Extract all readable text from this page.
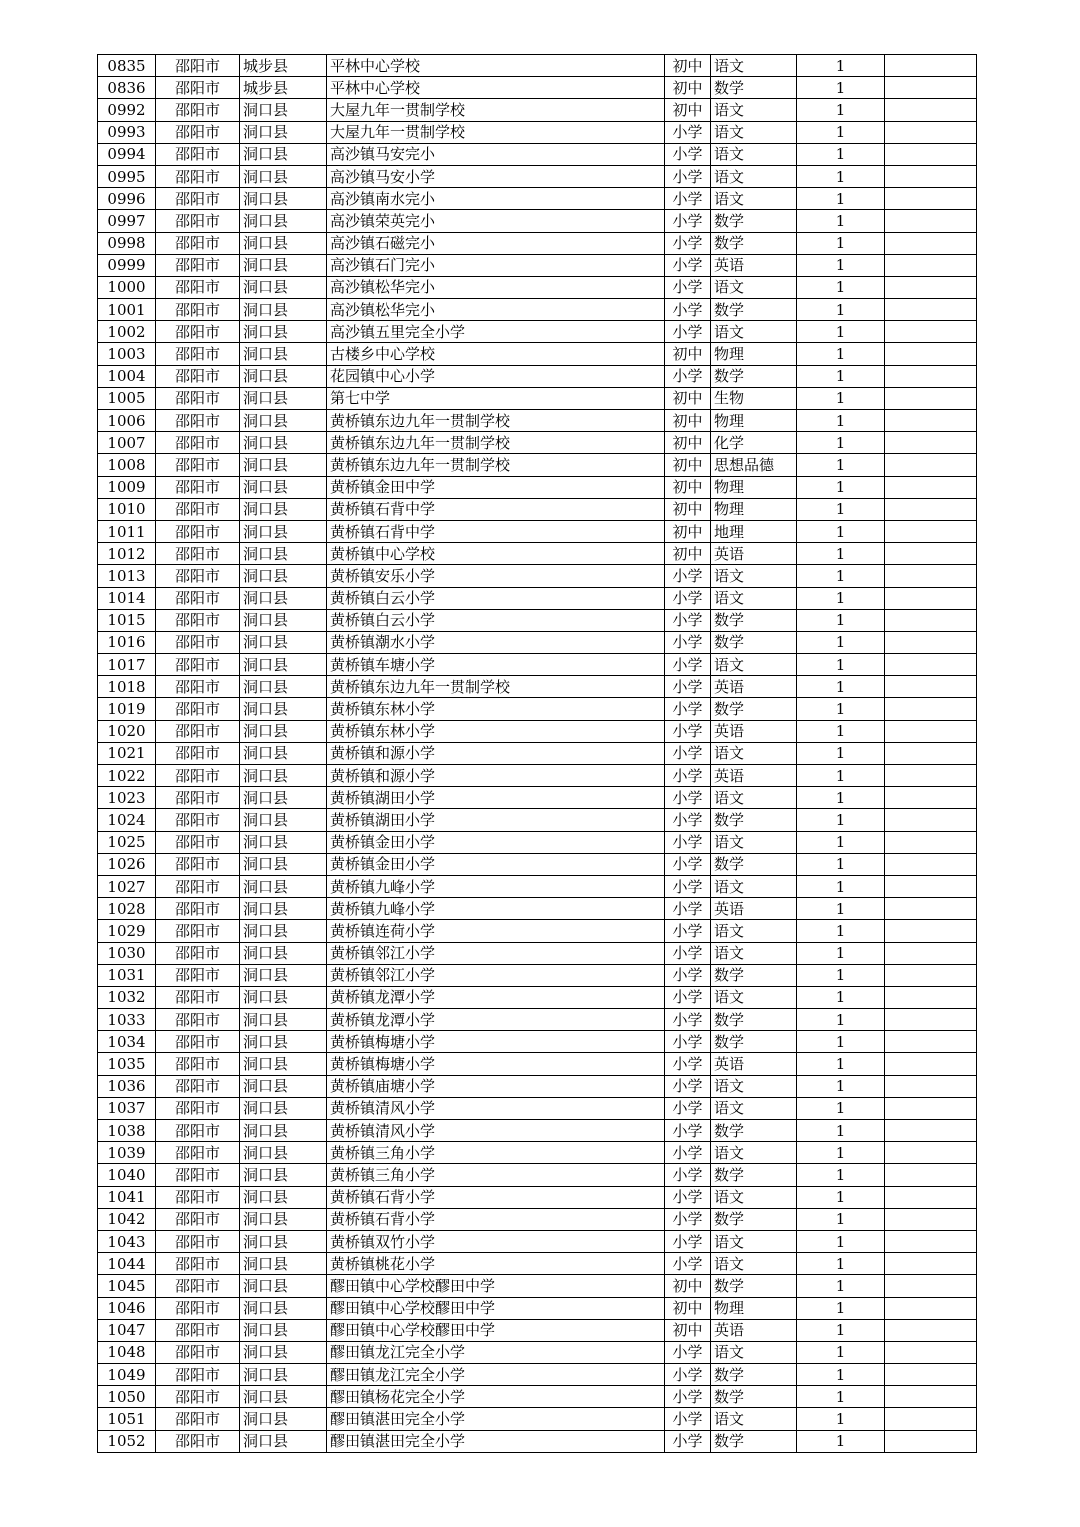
0835	邵阳市	城步县	平林中心学校	初中	语文	1	
0836	邵阳市	城步县	平林中心学校	初中	数学	1	
0992	邵阳市	洞口县	大屋九年一贯制学校	初中	语文	1	
0993	邵阳市	洞口县	大屋九年一贯制学校	小学	语文	1	
0994	邵阳市	洞口县	高沙镇马安完小	小学	语文	1	
0995	邵阳市	洞口县	高沙镇马安小学	小学	语文	1	
0996	邵阳市	洞口县	高沙镇南水完小	小学	语文	1	
0997	邵阳市	洞口县	高沙镇荣英完小	小学	数学	1	
0998	邵阳市	洞口县	高沙镇石磁完小	小学	数学	1	
0999	邵阳市	洞口县	高沙镇石门完小	小学	英语	1	
1000	邵阳市	洞口县	高沙镇松华完小	小学	语文	1	
1001	邵阳市	洞口县	高沙镇松华完小	小学	数学	1	
1002	邵阳市	洞口县	高沙镇五里完全小学	小学	语文	1	
1003	邵阳市	洞口县	古楼乡中心学校	初中	物理	1	
1004	邵阳市	洞口县	花园镇中心小学	小学	数学	1	
1005	邵阳市	洞口县	第七中学	初中	生物	1	
1006	邵阳市	洞口县	黄桥镇东边九年一贯制学校	初中	物理	1	
1007	邵阳市	洞口县	黄桥镇东边九年一贯制学校	初中	化学	1	
1008	邵阳市	洞口县	黄桥镇东边九年一贯制学校	初中	思想品德	1	
1009	邵阳市	洞口县	黄桥镇金田中学	初中	物理	1	
1010	邵阳市	洞口县	黄桥镇石背中学	初中	物理	1	
1011	邵阳市	洞口县	黄桥镇石背中学	初中	地理	1	
1012	邵阳市	洞口县	黄桥镇中心学校	初中	英语	1	
1013	邵阳市	洞口县	黄桥镇安乐小学	小学	语文	1	
1014	邵阳市	洞口县	黄桥镇白云小学	小学	语文	1	
1015	邵阳市	洞口县	黄桥镇白云小学	小学	数学	1	
1016	邵阳市	洞口县	黄桥镇潮水小学	小学	数学	1	
1017	邵阳市	洞口县	黄桥镇车塘小学	小学	语文	1	
1018	邵阳市	洞口县	黄桥镇东边九年一贯制学校	小学	英语	1	
1019	邵阳市	洞口县	黄桥镇东林小学	小学	数学	1	
1020	邵阳市	洞口县	黄桥镇东林小学	小学	英语	1	
1021	邵阳市	洞口县	黄桥镇和源小学	小学	语文	1	
1022	邵阳市	洞口县	黄桥镇和源小学	小学	英语	1	
1023	邵阳市	洞口县	黄桥镇湖田小学	小学	语文	1	
1024	邵阳市	洞口县	黄桥镇湖田小学	小学	数学	1	
1025	邵阳市	洞口县	黄桥镇金田小学	小学	语文	1	
1026	邵阳市	洞口县	黄桥镇金田小学	小学	数学	1	
1027	邵阳市	洞口县	黄桥镇九峰小学	小学	语文	1	
1028	邵阳市	洞口县	黄桥镇九峰小学	小学	英语	1	
1029	邵阳市	洞口县	黄桥镇连荷小学	小学	语文	1	
1030	邵阳市	洞口县	黄桥镇邻江小学	小学	语文	1	
1031	邵阳市	洞口县	黄桥镇邻江小学	小学	数学	1	
1032	邵阳市	洞口县	黄桥镇龙潭小学	小学	语文	1	
1033	邵阳市	洞口县	黄桥镇龙潭小学	小学	数学	1	
1034	邵阳市	洞口县	黄桥镇梅塘小学	小学	数学	1	
1035	邵阳市	洞口县	黄桥镇梅塘小学	小学	英语	1	
1036	邵阳市	洞口县	黄桥镇庙塘小学	小学	语文	1	
1037	邵阳市	洞口县	黄桥镇清风小学	小学	语文	1	
1038	邵阳市	洞口县	黄桥镇清风小学	小学	数学	1	
1039	邵阳市	洞口县	黄桥镇三角小学	小学	语文	1	
1040	邵阳市	洞口县	黄桥镇三角小学	小学	数学	1	
1041	邵阳市	洞口县	黄桥镇石背小学	小学	语文	1	
1042	邵阳市	洞口县	黄桥镇石背小学	小学	数学	1	
1043	邵阳市	洞口县	黄桥镇双竹小学	小学	语文	1	
1044	邵阳市	洞口县	黄桥镇桃花小学	小学	语文	1	
1045	邵阳市	洞口县	醪田镇中心学校醪田中学	初中	数学	1	
1046	邵阳市	洞口县	醪田镇中心学校醪田中学	初中	物理	1	
1047	邵阳市	洞口县	醪田镇中心学校醪田中学	初中	英语	1	
1048	邵阳市	洞口县	醪田镇龙江完全小学	小学	语文	1	
1049	邵阳市	洞口县	醪田镇龙江完全小学	小学	数学	1	
1050	邵阳市	洞口县	醪田镇杨花完全小学	小学	数学	1	
1051	邵阳市	洞口县	醪田镇湛田完全小学	小学	语文	1	
1052	邵阳市	洞口县	醪田镇湛田完全小学	小学	数学	1	
